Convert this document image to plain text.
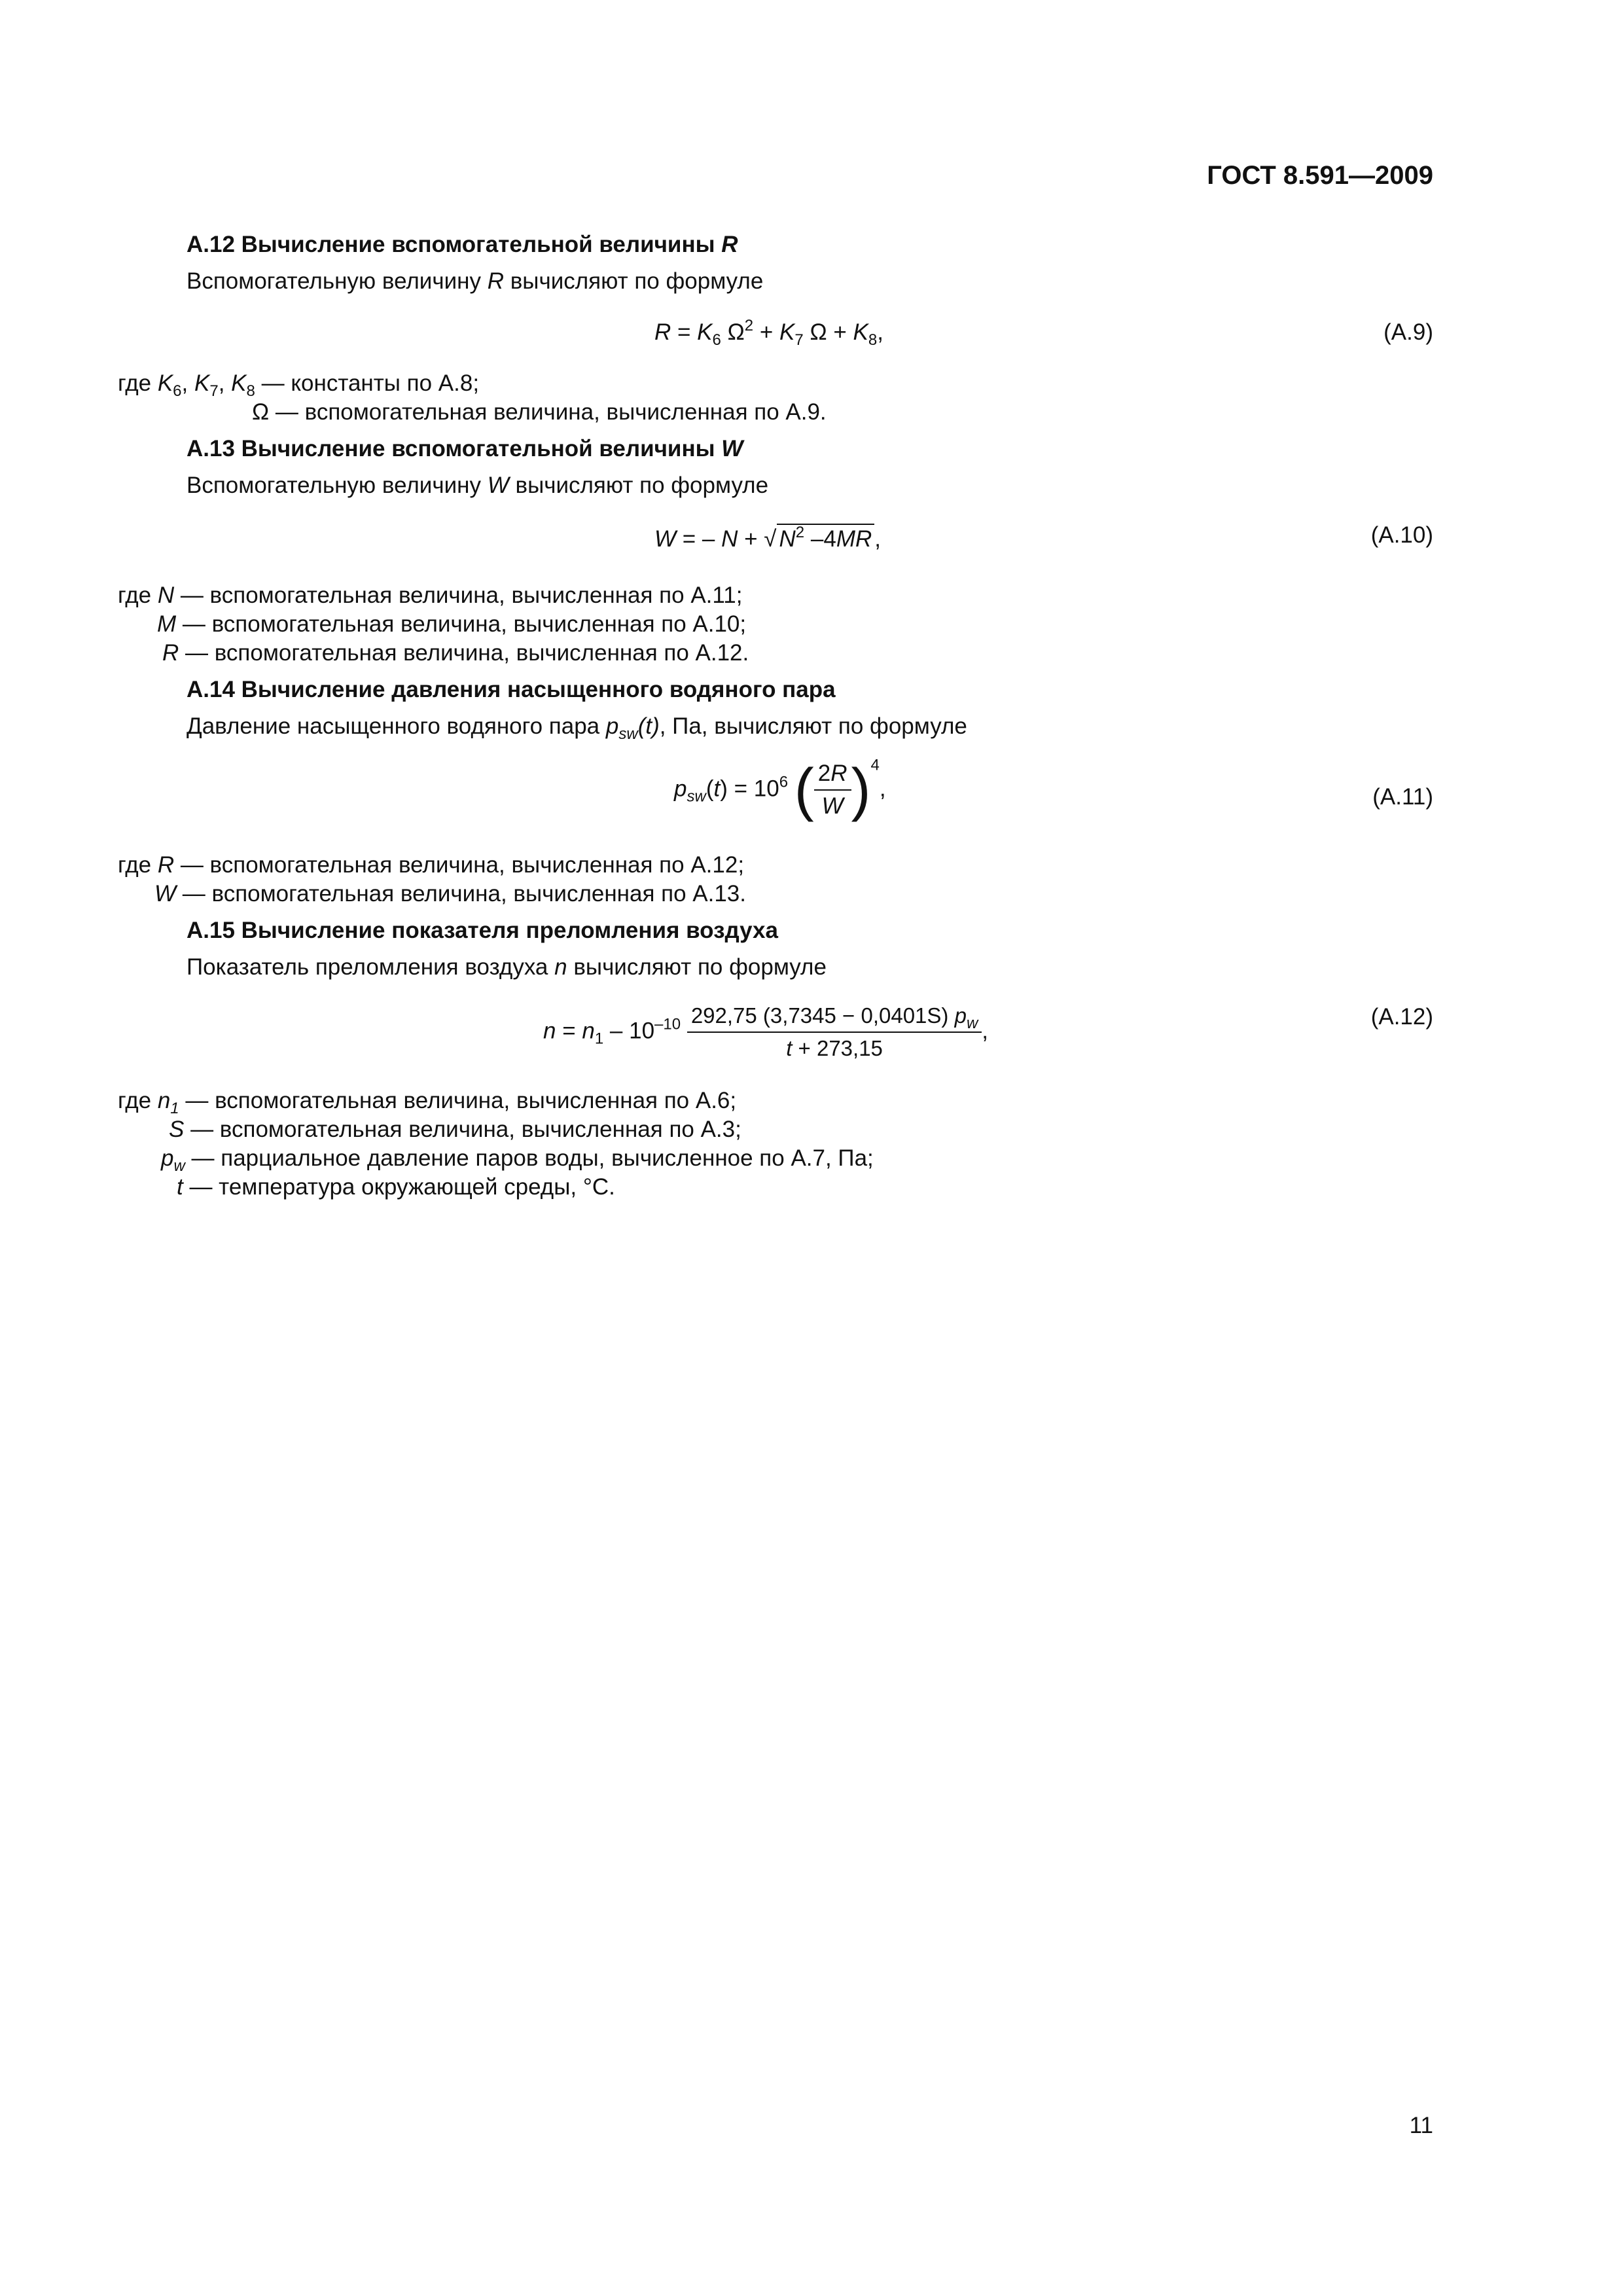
ГОСТ 8.591—2009
А.12 Вычисление вспомогательной величины R
Вспомогательную величину R вычисляют по формуле
$R = K_6$ $\Omega^2 + K_7$ $\Omega + K_8$,	(А.9)
где $K_6$, $K_7$, $K_8$ — константы по А.8;
Ω — вспомогательная величина, вычисленная по А.9.
А.13 Вычисление вспомогательной величины W
Вспомогательную величину W вычисляют по формуле
W = – N + √ $N^2$ –4MR ,	(А.10)
где N — вспомогательная величина, вычисленная по А.11;
M — вспомогательная величина, вычисленная по А.10;
R — вспомогательная величина, вычисленная по А.12.
А.14 Вычисление давления насыщенного водяного пара
Давление насыщенного водяного пара $p_{sw}(t)$, Па, вычисляют по формуле
$p_{sw}(t) = 10^6$ ( $\frac{2R}{W} )^4$,	(А.11)
где R — вспомогательная величина, вычисленная по А.12;
W — вспомогательная величина, вычисленная по А.13.
А.15 Вычисление показателя преломления воздуха
Показатель преломления воздуха n вычисляют по формуле
$n = n_1 - 10^{-10} \frac{292,75 (3,7345 - 0,0401S) p_w}{t + 273,15}$ ,
(А.12)
где $n_1$ — вспомогательная величина, вычисленная по А.6;
S — вспомогательная величина, вычисленная по А.3;
$p_w$ — парциальное давление паров воды, вычисленное по А.7, Па;
t — температура окружающей среды, °С.
11
